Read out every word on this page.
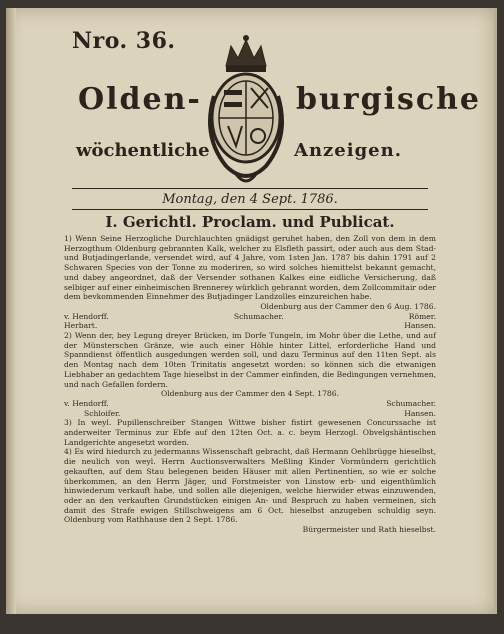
Nro. 36.
Olden-	burgische
wöchentliche	Anzeigen.
Montag, den 4 Sept. 1786.
I. Gerichtl. Proclam. und Publicat.

1) Wenn Seine Herzogliche Durchlauchten gnädigst geruhet haben, den Zoll von dem in dem Herzogthum Oldenburg gebrannten Kalk, welcher zu Elsfleth passirt, oder auch aus dem Stad- und Butjadingerlande, versendet wird, auf 4 Jahre, vom 1sten Jan. 1787 bis dahin 1791 auf 2 Schwaren Species von der Tonne zu moderiren, so wird solches hiemittelst bekannt gemacht, und dabey angeordnet, daß der Versender sothanen Kalkes eine eidliche Versicherung, daß selbiger auf einer einheimischen Brennerey würklich gebrannt worden, dem Zollcommitair oder dem bevkommenden Einnehmer des Butjadinger Landzolles einzureichen habe.

Oldenburg aus der Cammer den 6 Aug. 1786.

v. Hendorff.	Schumacher.	Römer.
Herbart.	Hansen.

2) Wenn der, bey Legung dreyer Brücken, im Dorfe Tungeln, im Mohr über die Lethe, und auf der Münsterschen Gränze, wie auch einer Höhle hinter Littel, erforderliche Hand und Spanndienst öffentlich ausgedungen werden soll, und dazu Terminus auf den 11ten Sept. als den Montag nach dem 10ten Trinitatis angesetzt worden: so können sich die etwanigen Liebhaber an gedachtem Tage hieselbst in der Cammer einfinden, die Bedingungen vernehmen, und nach Gefallen fordern.

Oldenburg aus der Cammer den 4 Sept. 1786.

v. Hendorff.	Schumacher.
Schloifer.	Hansen.

3) In weyl. Pupillenschreiber Stangen Wittwe bisher fistirt gewesenen Concurssache ist anderweiter Terminus zur Ebfe auf den 12ten Oct. a. c. beym Herzogl. Obvelgshäntischen Landgerichte angesetzt worden.

4) Es wird hiedurch zu jedermanns Wissenschaft gebracht, daß Hermann Oehlbrügge hieselbst, die neulich von weyl. Herrn Auctionsverwalters Meßling Kinder Vormündern gerichtlich gekauften, auf dem Stau belegenen beiden Häuser mit allen Pertinentien, so wie er solche überkommen, an den Herrn Jäger, und Forstmeister von Linstow erb- und eigenthümlich hinwiederum verkauft habe, und sollen alle diejenigen, welche hierwider etwas einzuwenden, oder an den verkauften Grundstücken einigen An- und Bespruch zu haben vermeinen, sich damit des Strafe ewigen Stillschweigens am 6 Oct. hieselbst anzugeben schuldig seyn. Oldenburg vom Rathhause den 2 Sept. 1786.

Bürgermeister und Rath hieselbst.
